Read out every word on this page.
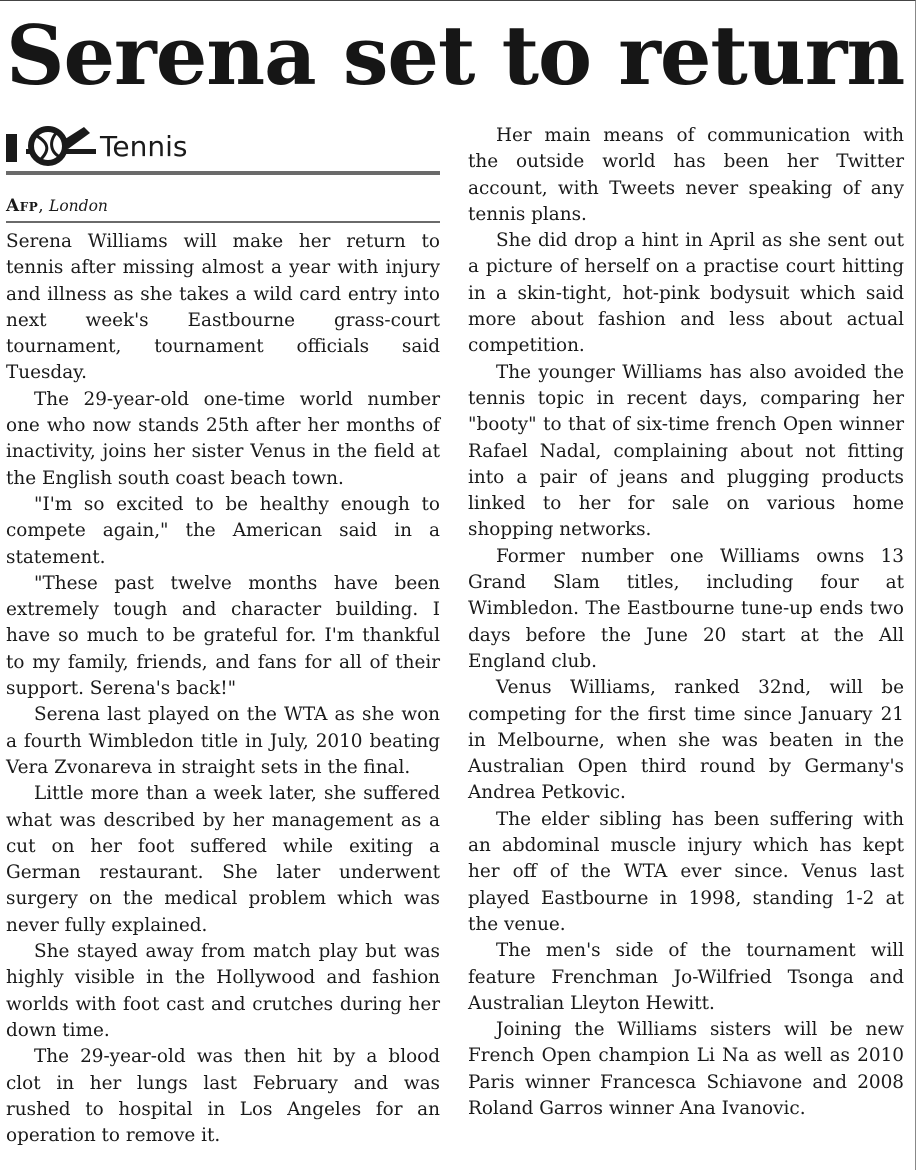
Serena set to return
Tennis
Afp, London

Serena Williams will make her return to tennis after missing almost a year with injury and illness as she takes a wild card entry into next week's Eastbourne grass-court tournament, tournament officials said Tuesday.

The 29-year-old one-time world number one who now stands 25th after her months of inactivity, joins her sister Venus in the field at the English south coast beach town.

"I'm so excited to be healthy enough to compete again," the American said in a statement.

"These past twelve months have been extremely tough and character building. I have so much to be grateful for. I'm thankful to my family, friends, and fans for all of their support. Serena's back!"

Serena last played on the WTA as she won a fourth Wimbledon title in July, 2010 beating Vera Zvonareva in straight sets in the final.

Little more than a week later, she suffered what was described by her management as a cut on her foot suffered while exiting a German restaurant. She later underwent surgery on the medical problem which was never fully explained.

She stayed away from match play but was highly visible in the Hollywood and fashion worlds with foot cast and crutches during her down time.

The 29-year-old was then hit by a blood clot in her lungs last February and was rushed to hospital in Los Angeles for an operation to remove it.

Her main means of communication with the outside world has been her Twitter account, with Tweets never speaking of any tennis plans.

She did drop a hint in April as she sent out a picture of herself on a practise court hitting in a skin-tight, hot-pink bodysuit which said more about fashion and less about actual competition.

The younger Williams has also avoided the tennis topic in recent days, comparing her "booty" to that of six-time french Open winner Rafael Nadal, complaining about not fitting into a pair of jeans and plugging products linked to her for sale on various home shopping networks.

Former number one Williams owns 13 Grand Slam titles, including four at Wimbledon. The Eastbourne tune-up ends two days before the June 20 start at the All England club.

Venus Williams, ranked 32nd, will be competing for the first time since January 21 in Melbourne, when she was beaten in the Australian Open third round by Germany's Andrea Petkovic.

The elder sibling has been suffering with an abdominal muscle injury which has kept her off of the WTA ever since. Venus last played Eastbourne in 1998, standing 1-2 at the venue.

The men's side of the tournament will feature Frenchman Jo-Wilfried Tsonga and Australian Lleyton Hewitt.

Joining the Williams sisters will be new French Open champion Li Na as well as 2010 Paris winner Francesca Schiavone and 2008 Roland Garros winner Ana Ivanovic.
